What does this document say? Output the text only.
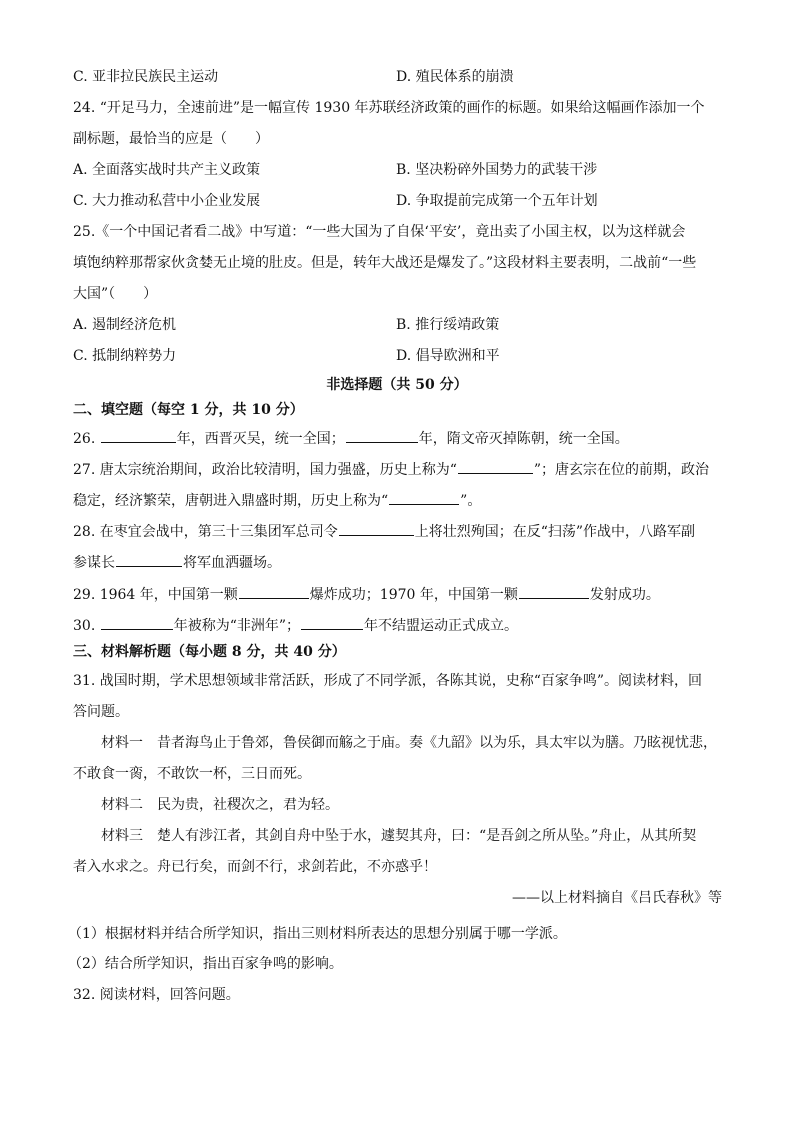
C. 亚非拉民族民主运动	D. 殖民体系的崩溃
24. “开足马力，全速前进”是一幅宣传 1930 年苏联经济政策的画作的标题。如果给这幅画作添加一个
副标题，最恰当的应是（　　）
A. 全面落实战时共产主义政策	B. 坚决粉碎外国势力的武装干涉
C. 大力推动私营中小企业发展	D. 争取提前完成第一个五年计划
25.《一个中国记者看二战》中写道：“一些大国为了自保‘平安’，竟出卖了小国主权，以为这样就会
填饱纳粹那帮家伙贪婪无止境的肚皮。但是，转年大战还是爆发了。”这段材料主要表明，二战前“一些
大国”（　　）
A. 遏制经济危机	B. 推行绥靖政策
C. 抵制纳粹势力	D. 倡导欧洲和平
非选择题（共 50 分）
二、填空题（每空 1 分，共 10 分）
26.	年，西晋灭吴，统一全国；	年，隋文帝灭掉陈朝，统一全国。
27. 唐太宗统治期间，政治比较清明，国力强盛，历史上称为“	”；唐玄宗在位的前期，政治
稳定，经济繁荣，唐朝进入鼎盛时期，历史上称为“	”。
28. 在枣宜会战中，第三十三集团军总司令	上将壮烈殉国；在反“扫荡”作战中，八路军副
参谋长	将军血洒疆场。
29. 1964 年，中国第一颗	爆炸成功；1970 年，中国第一颗	发射成功。
30.	年被称为“非洲年”；	年不结盟运动正式成立。
三、材料解析题（每小题 8 分，共 40 分）
31. 战国时期，学术思想领域非常活跃，形成了不同学派，各陈其说，史称“百家争鸣”。阅读材料，回
答问题。
材料一　昔者海鸟止于鲁郊，鲁侯御而觞之于庙。奏《九韶》以为乐，具太牢以为膳。乃眩视忧悲，
不敢食一脔，不敢饮一杯，三日而死。
材料二　民为贵，社稷次之，君为轻。
材料三　楚人有涉江者，其剑自舟中坠于水，遽契其舟，曰：“是吾剑之所从坠。”舟止，从其所契
者入水求之。舟已行矣，而剑不行，求剑若此，不亦惑乎！
——以上材料摘自《吕氏春秋》等
（1）根据材料并结合所学知识，指出三则材料所表达的思想分别属于哪一学派。
（2）结合所学知识，指出百家争鸣的影响。
32. 阅读材料，回答问题。
